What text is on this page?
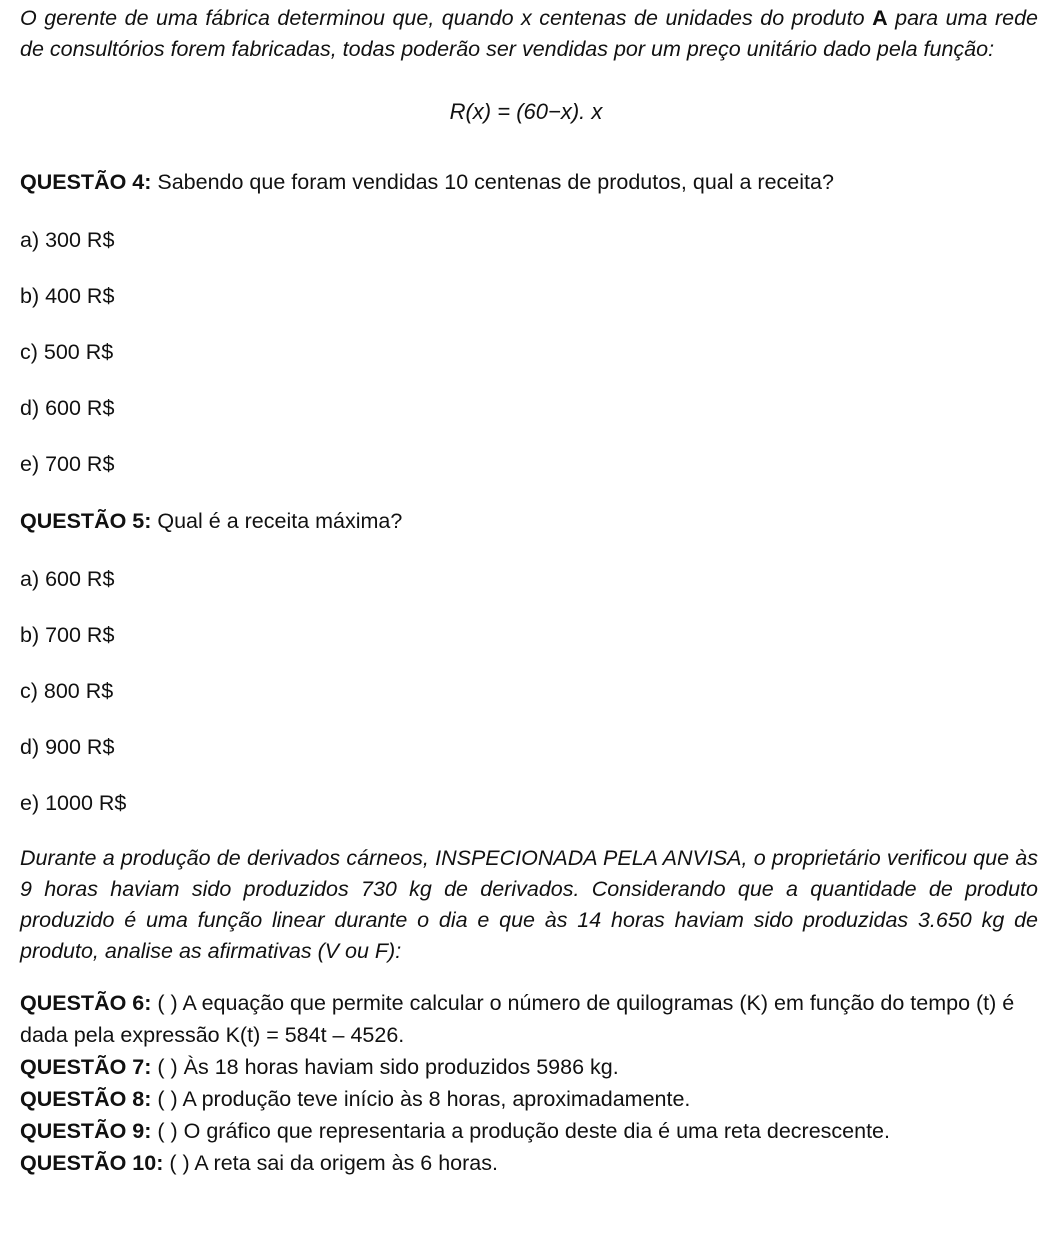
O gerente de uma fábrica determinou que, quando x centenas de unidades do produto A para uma rede de consultórios forem fabricadas, todas poderão ser vendidas por um preço unitário dado pela função:
R(x) = (60−x). x
QUESTÃO 4: Sabendo que foram vendidas 10 centenas de produtos, qual a receita?
a) 300 R$
b) 400 R$
c) 500 R$
d) 600 R$
e) 700 R$
QUESTÃO 5: Qual é a receita máxima?
a) 600 R$
b) 700 R$
c) 800 R$
d) 900 R$
e) 1000 R$
Durante a produção de derivados cárneos, INSPECIONADA PELA ANVISA, o proprietário verificou que às 9 horas haviam sido produzidos 730 kg de derivados. Considerando que a quantidade de produto produzido é uma função linear durante o dia e que às 14 horas haviam sido produzidas 3.650 kg de produto, analise as afirmativas (V ou F):
QUESTÃO 6: ( ) A equação que permite calcular o número de quilogramas (K) em função do tempo (t) é dada pela expressão K(t) = 584t – 4526.
QUESTÃO 7: ( ) Às 18 horas haviam sido produzidos 5986 kg.
QUESTÃO 8: ( ) A produção teve início às 8 horas, aproximadamente.
QUESTÃO 9: ( ) O gráfico que representaria a produção deste dia é uma reta decrescente.
QUESTÃO 10: ( ) A reta sai da origem às 6 horas.
